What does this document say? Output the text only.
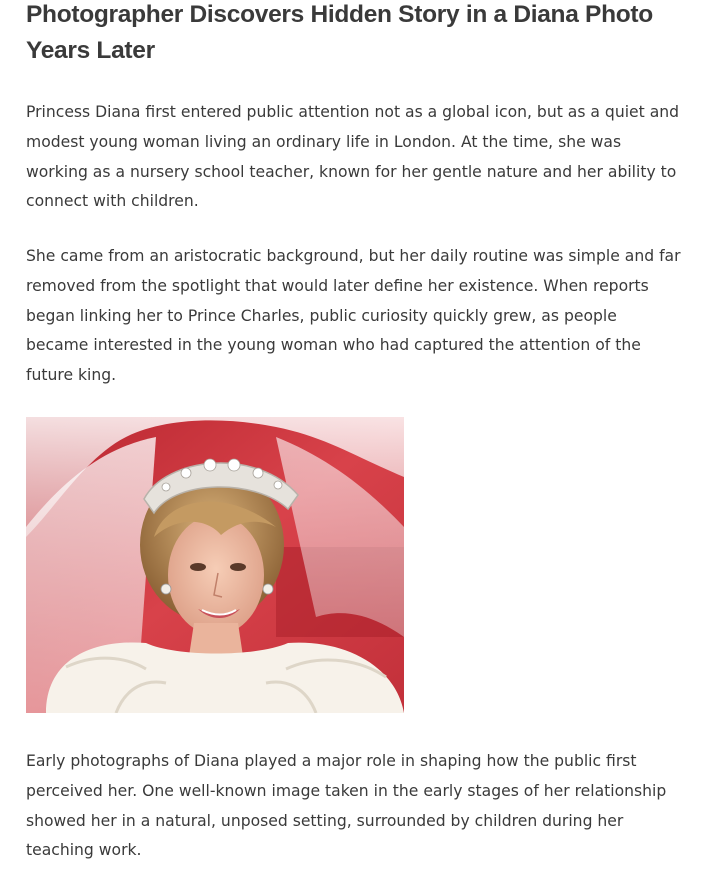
Photographer Discovers Hidden Story in a Diana Photo Years Later

Princess Diana first entered public attention not as a global icon, but as a quiet and modest young woman living an ordinary life in London. At the time, she was working as a nursery school teacher, known for her gentle nature and her ability to connect with children.

She came from an aristocratic background, but her daily routine was simple and far removed from the spotlight that would later define her existence. When reports began linking her to Prince Charles, public curiosity quickly grew, as people became interested in the young woman who had captured the attention of the future king.

Early photographs of Diana played a major role in shaping how the public first perceived her. One well-known image taken in the early stages of her relationship showed her in a natural, unposed setting, surrounded by children during her teaching work.
